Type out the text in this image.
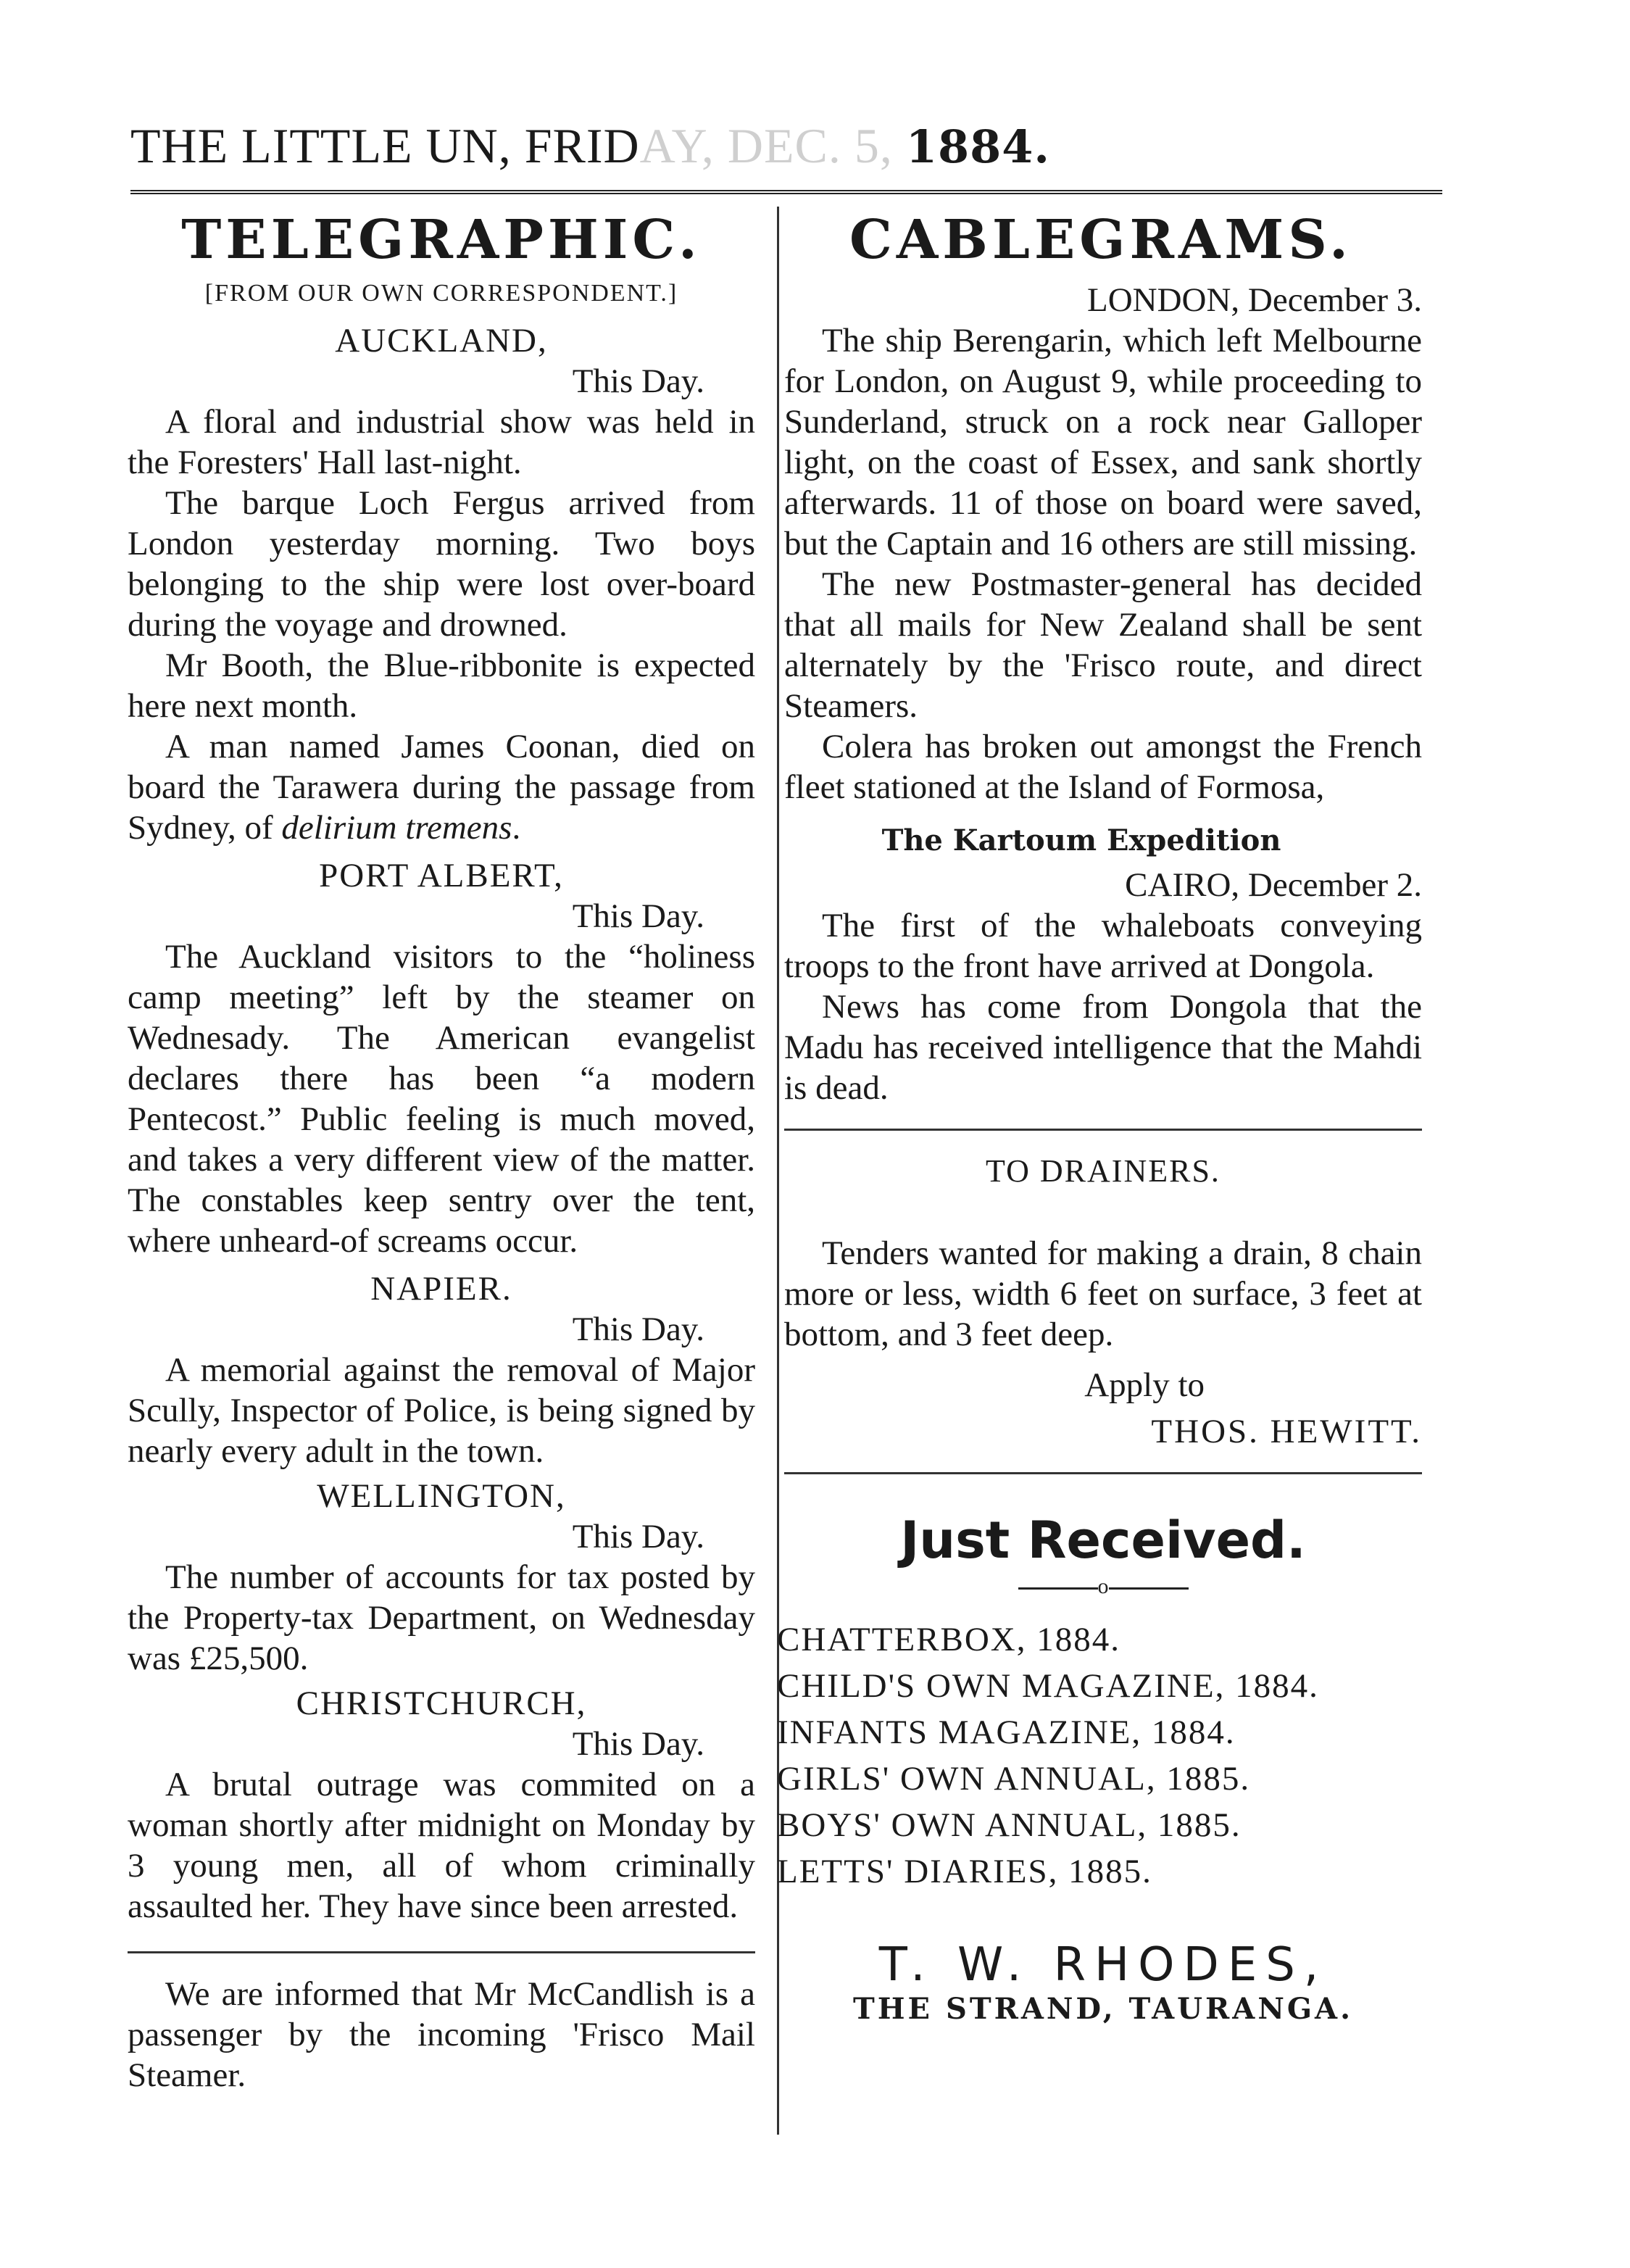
THE LITTLE UN, FRIDAY, DEC. 5, 1884.
TELEGRAPHIC.
[FROM OUR OWN CORRESPONDENT.]
AUCKLAND,
This Day.

A floral and industrial show was held in the Foresters' Hall last-night.

The barque Loch Fergus arrived from London yesterday morning. Two boys belonging to the ship were lost over-board during the voyage and drowned.

Mr Booth, the Blue-ribbonite is expected here next month.

A man named James Coonan, died on board the Tarawera during the passage from Sydney, of delirium tremens.

PORT ALBERT,
This Day.

The Auckland visitors to the “holiness camp meeting” left by the steamer on Wednesady. The American evangelist declares there has been “a modern Pentecost.” Public feeling is much moved, and takes a very different view of the matter. The constables keep sentry over the tent, where unheard-of screams occur.

NAPIER.
This Day.

A memorial against the removal of Major Scully, Inspector of Police, is being signed by nearly every adult in the town.

WELLINGTON,
This Day.

The number of accounts for tax posted by the Property-tax Department, on Wednesday was £25,500.

CHRISTCHURCH,
This Day.

A brutal outrage was commited on a woman shortly after midnight on Monday by 3 young men, all of whom criminally assaulted her. They have since been arrested.

We are informed that Mr McCandlish is a passenger by the incoming 'Frisco Mail Steamer.

CABLEGRAMS.
LONDON, December 3.

The ship Berengarin, which left Melbourne for London, on August 9, while proceeding to Sunderland, struck on a rock near Galloper light, on the coast of Essex, and sank shortly afterwards. 11 of those on board were saved, but the Captain and 16 others are still missing.

The new Postmaster-general has decided that all mails for New Zealand shall be sent alternately by the 'Frisco route, and direct Steamers.

Colera has broken out amongst the French fleet stationed at the Island of Formosa,

The Kartoum Expedition
CAIRO, December 2.

The first of the whaleboats conveying troops to the front have arrived at Dongola.

News has come from Dongola that the Madu has received intelligence that the Mahdi is dead.

TO DRAINERS.

Tenders wanted for making a drain, 8 chain more or less, width 6 feet on surface, 3 feet at bottom, and 3 feet deep.

Apply to
THOS. HEWITT.
Just Received.
o
CHATTERBOX, 1884.
CHILD'S OWN MAGAZINE, 1884.
INFANTS MAGAZINE, 1884.
GIRLS' OWN ANNUAL, 1885.
BOYS' OWN ANNUAL, 1885.
LETTS' DIARIES, 1885.
T. W. RHODES,
THE STRAND, TAURANGA.
